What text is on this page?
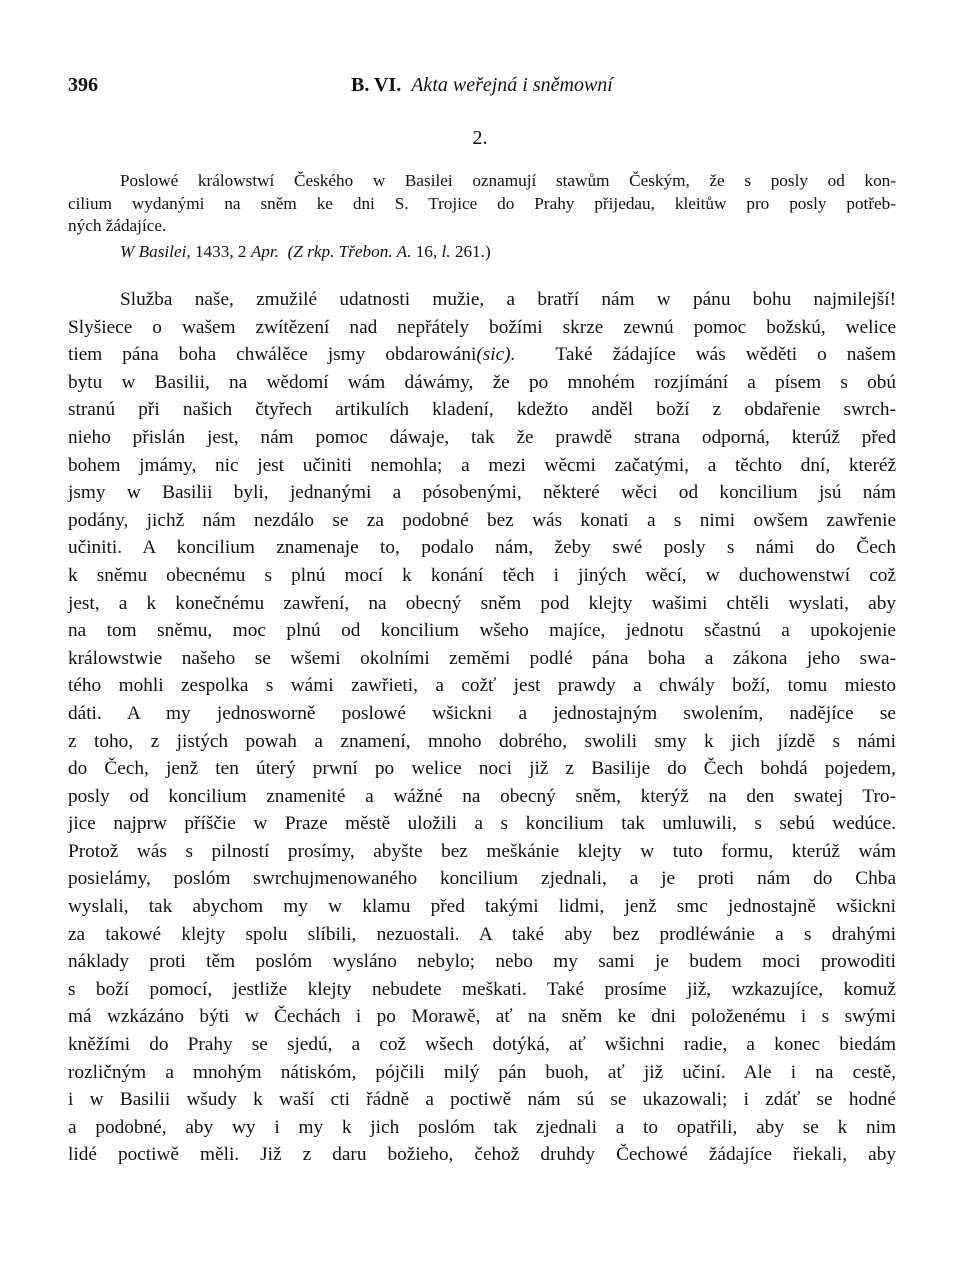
396	B. VI. Akta weřejná i sněmowní
2.
Poslowé králowstwí Českého w Basilei oznamují stawům Českým, že s posly od kon-
cilium wydanými na sněm ke dni S. Trojice do Prahy přijedau, kleitůw pro posly potřeb-
ných žádajíce.
W Basilei, 1433, 2 Apr. (Z rkp. Třebon. A. 16, l. 261.)
Služba naše, zmužilé udatnosti mužie, a bratří nám w pánu bohu najmilejší!
Slyšiece o wašem zwítězení nad nepřátely božími skrze zewnú pomoc božskú, welice
tiem pána boha chwálěce jsmy obdarowáni(sic). Také žádajíce wás wěděti o našem
bytu w Basilii, na wědomí wám dáwámy, že po mnohém rozjímání a písem s obú
stranú při našich čtyřech artikulích kladení, kdežto anděl boží z obdařenie swrch-
nieho přislán jest, nám pomoc dáwaje, tak že prawdě strana odporná, kterúž před
bohem jmámy, nic jest učiniti nemohla; a mezi wěcmi začatými, a těchto dní, kteréž
jsmy w Basilii byli, jednanými a pósobenými, některé wěci od koncilium jsú nám
podány, jichž nám nezdálo se za podobné bez wás konati a s nimi owšem zawřenie
učiniti. A koncilium znamenaje to, podalo nám, žeby swé posly s námi do Čech
k sněmu obecnému s plnú mocí k konání těch i jiných wěcí, w duchowenstwí což
jest, a k konečnému zawření, na obecný sněm pod klejty wašimi chtěli wyslati, aby
na tom sněmu, moc plnú od koncilium wšeho majíce, jednotu sčastnú a upokojenie
králowstwie našeho se wšemi okolními zeměmi podlé pána boha a zákona jeho swa-
tého mohli zespolka s wámi zawřieti, a cožť jest prawdy a chwály boží, tomu miesto
dáti. A my jednosworně poslowé wšickni a jednostajným swolením, nadějíce se
z toho, z jistých powah a znamení, mnoho dobrého, swolili smy k jich jízdě s námi
do Čech, jenž ten úterý prwní po welice noci již z Basilije do Čech bohdá pojedem,
posly od koncilium znamenité a wážné na obecný sněm, kterýž na den swatej Tro-
jice najprw příščie w Praze městě uložili a s koncilium tak umluwili, s sebú wedúce.
Protož wás s pilností prosímy, abyšte bez meškánie klejty w tuto formu, kterúž wám
posielámy, poslóm swrchujmenowaného koncilium zjednali, a je proti nám do Chba
wyslali, tak abychom my w klamu před takými lidmi, jenž smc jednostajně wšickni
za takowé klejty spolu slíbili, nezuostali. A také aby bez prodléwánie a s drahými
náklady proti těm poslóm wysláno nebylo; nebo my sami je budem moci prowoditi
s boží pomocí, jestliže klejty nebudete meškati. Také prosíme již, wzkazujíce, komuž
má wzkázáno býti w Čechách i po Morawě, ať na sněm ke dni položenému i s swými
kněžími do Prahy se sjedú, a což wšech dotýká, ať wšichni radie, a konec biedám
rozličným a mnohým nátiskóm, pójčili milý pán buoh, ať již učiní. Ale i na cestě,
i w Basilii wšudy k waší cti řádně a poctiwě nám sú se ukazowali; i zdáť se hodné
a podobné, aby wy i my k jich poslóm tak zjednali a to opatřili, aby se k nim
lidé poctiwě měli. Již z daru božieho, čehož druhdy Čechowé žádajíce řiekali, aby
